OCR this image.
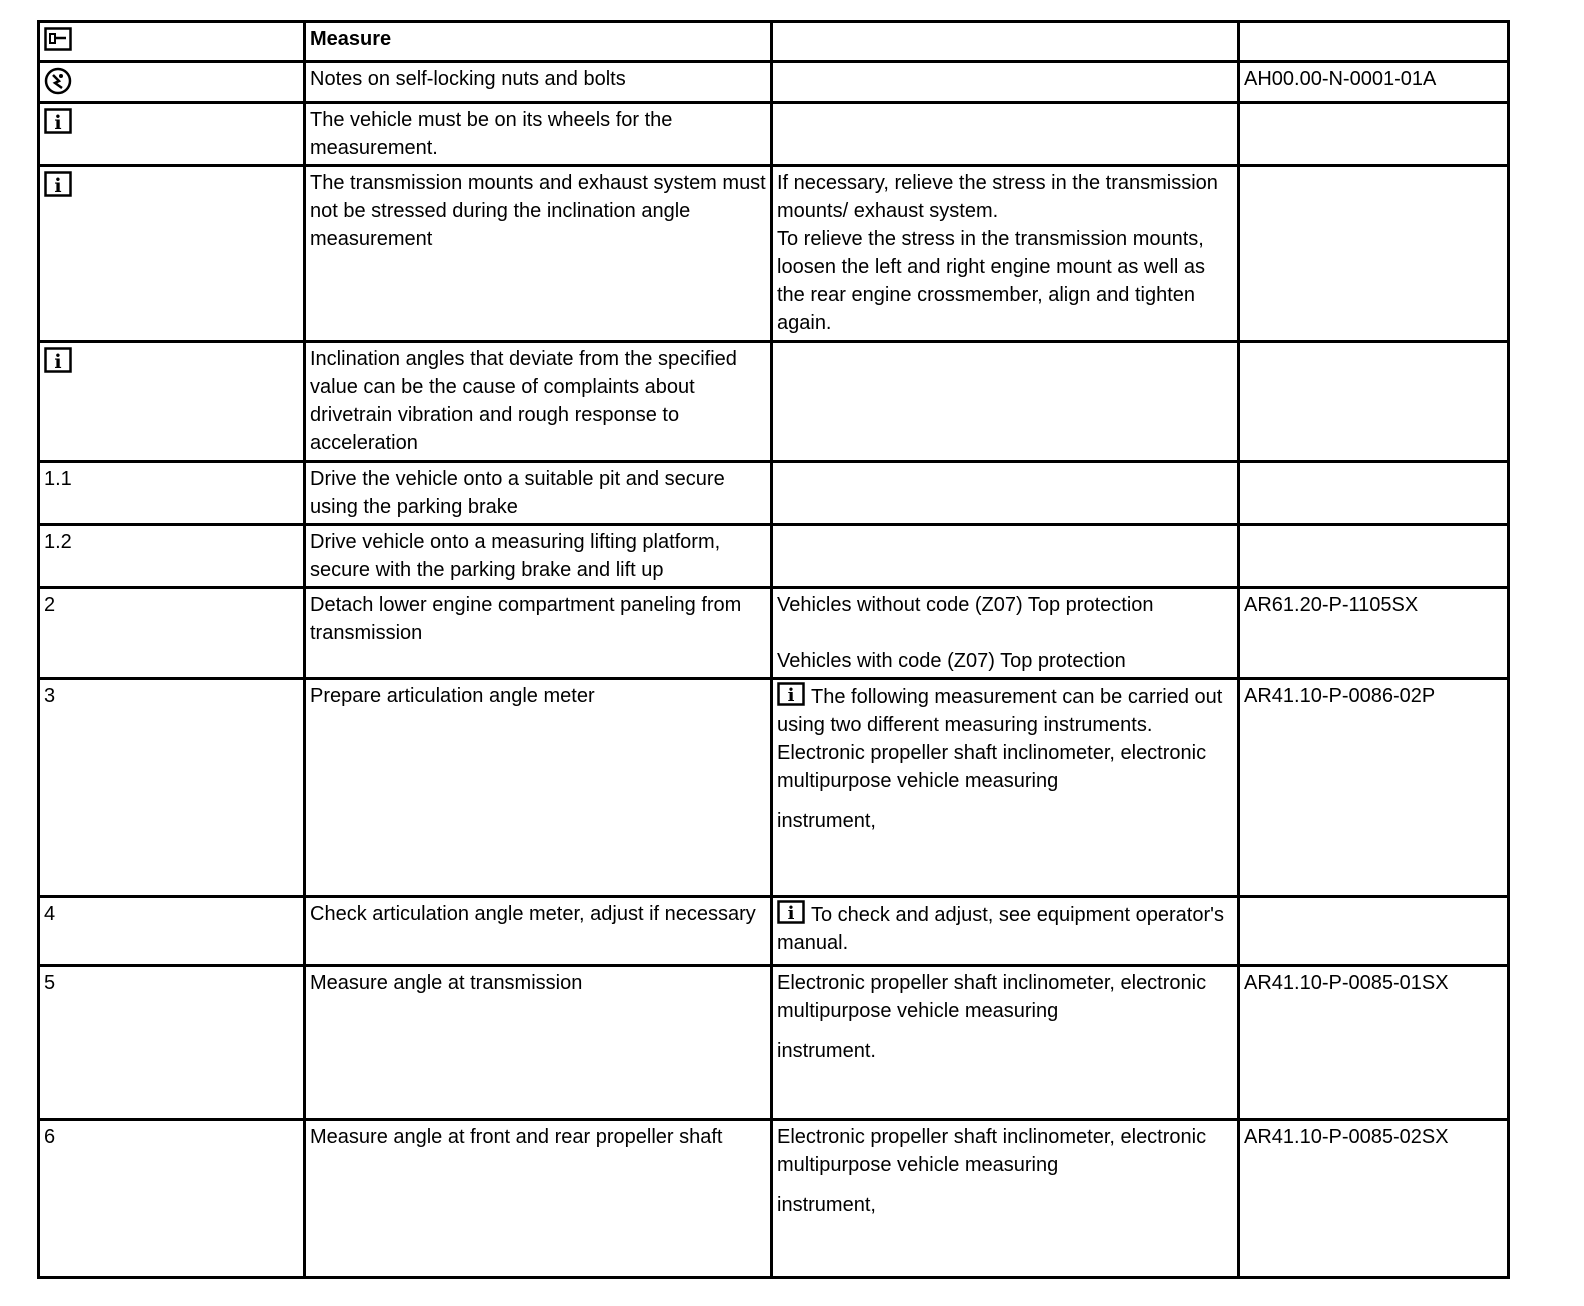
	Measure		
	Notes on self-locking nuts and bolts		AH00.00-N-0001-01A

i	The vehicle must be on its wheels for the measurement.		

i	The transmission mounts and exhaust system must not be stressed during the inclination angle measurement	If necessary, relieve the stress in the transmission mounts/ exhaust system.
To relieve the stress in the transmission mounts, loosen the left and right engine mount as well as the rear engine crossmember, align and tighten again.	

i	Inclination angles that deviate from the specified value can be the cause of complaints about drivetrain vibration and rough response to acceleration		
1.1	Drive the vehicle onto a suitable pit and secure using the parking brake		
1.2	Drive vehicle onto a measuring lifting platform, secure with the parking brake and lift up		
2	Detach lower engine compartment paneling from transmission	Vehicles without code (Z07) Top protection
Vehicles with code (Z07) Top protection	AR61.20-P-1105SX
3	Prepare articulation angle meter	i The following measurement can be carried out using two different measuring instruments.
Electronic propeller shaft inclinometer, electronic multipurpose vehicle measuring
instrument,	AR41.10-P-0086-02P
4	Check articulation angle meter, adjust if necessary	i To check and adjust, see equipment operator's manual.	

5	Measure angle at transmission	Electronic propeller shaft inclinometer, electronic multipurpose vehicle measuring
instrument.	AR41.10-P-0085-01SX
6	Measure angle at front and rear propeller shaft	Electronic propeller shaft inclinometer, electronic multipurpose vehicle measuring
instrument,	AR41.10-P-0085-02SX
